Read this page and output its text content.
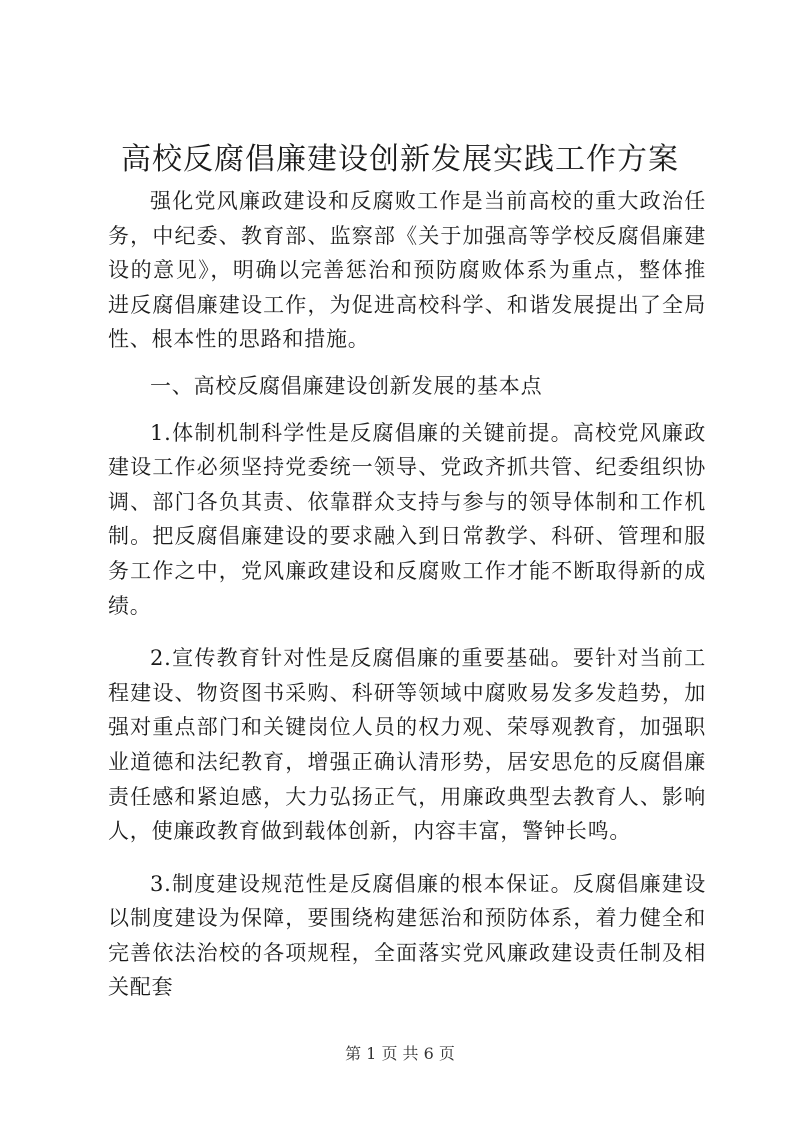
高校反腐倡廉建设创新发展实践工作方案

强化党风廉政建设和反腐败工作是当前高校的重大政治任务，中纪委、教育部、监察部《关于加强高等学校反腐倡廉建设的意见》，明确以完善惩治和预防腐败体系为重点，整体推进反腐倡廉建设工作，为促进高校科学、和谐发展提出了全局性、根本性的思路和措施。

一、高校反腐倡廉建设创新发展的基本点

1.体制机制科学性是反腐倡廉的关键前提。高校党风廉政建设工作必须坚持党委统一领导、党政齐抓共管、纪委组织协调、部门各负其责、依靠群众支持与参与的领导体制和工作机制。把反腐倡廉建设的要求融入到日常教学、科研、管理和服务工作之中，党风廉政建设和反腐败工作才能不断取得新的成绩。

2.宣传教育针对性是反腐倡廉的重要基础。要针对当前工程建设、物资图书采购、科研等领域中腐败易发多发趋势，加强对重点部门和关键岗位人员的权力观、荣辱观教育，加强职业道德和法纪教育，增强正确认清形势，居安思危的反腐倡廉责任感和紧迫感，大力弘扬正气，用廉政典型去教育人、影响人，使廉政教育做到载体创新，内容丰富，警钟长鸣。

3.制度建设规范性是反腐倡廉的根本保证。反腐倡廉建设以制度建设为保障，要围绕构建惩治和预防体系，着力健全和完善依法治校的各项规程，全面落实党风廉政建设责任制及相关配套

第 1 页 共 6 页
